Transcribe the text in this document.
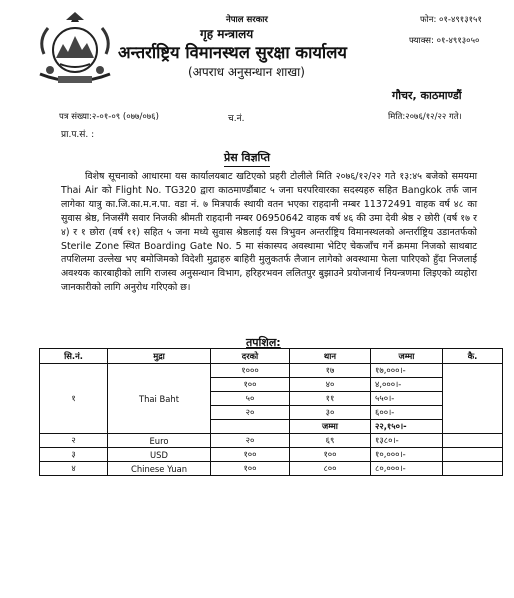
नेपाल सरकार
गृह मन्त्रालय
अन्तर्राष्ट्रिय विमानस्थल सुरक्षा कार्यालय
(अपराध अनुसन्धान शाखा)
फोन: ०१-४९१३१५१
फ्याक्स: ०१-४९१३०५०
गौचर, काठमाण्डौं
पत्र संख्या:२-०१-०९ (०७७/०७६)	च.नं.	मिति:२०७६/१२/२२ गते।
प्रा.प.सं. :
प्रेस विज्ञप्ति

विशेष सूचनाको आधारमा यस कार्यालयबाट खटिएको प्रहरी टोलीले मिति २०७६/१२/२२ गते १३:४५ बजेको समयमा Thai Air को Flight No. TG320 द्वारा काठमाण्डौंबाट ५ जना घरपरिवारका सदस्यहरु सहित Bangkok तर्फ जान लागेका यात्रु का.जि.का.म.न.पा. वडा नं. ७ मित्रपार्क स्थायी वतन भएका राहदानी नम्बर 11372491 वाहक वर्ष ४८ का सुवास श्रेष्ठ, निजसँगै सवार निजकी श्रीमती राहदानी नम्बर 06950642 वाहक वर्ष ४६ की उमा देवी श्रेष्ठ २ छोरी (वर्ष १७ र ४) र १ छोरा (वर्ष ११) सहित ५ जना मध्ये सुवास श्रेष्ठलाई यस त्रिभुवन अन्तर्राष्ट्रिय विमानस्थलको अन्तर्राष्ट्रिय उडानतर्फको Sterile Zone स्थित Boarding Gate No. 5 मा संकास्पद अवस्थामा भेटिए चेकजाँच गर्ने क्रममा निजको साथबाट तपशिलमा उल्लेख भए बमोजिमको विदेशी मुद्राहरु बाहिरी मुलुकतर्फ लैजान लागेको अवस्थामा फेला पारिएको हुँदा निजलाई अवश्यक कारबाहीको लागि राजस्व अनुसन्धान विभाग, हरिहरभवन ललितपुर बुझाउने प्रयोजनार्थ नियन्त्रणमा लिइएको व्यहोरा जानकारीको लागि अनुरोध गरिएको छ।

तपशिल:
सि.नं.	मुद्रा	दरको	थान	जम्मा	कै.
१	Thai Baht	१०००	१७	१७,०००।-	
		१००	४०	४,०००।-	
		५०	११	५५०।-	
		२०	३०	६००।-	
			जम्मा	२२,१५०।-	
२	Euro	२०	६९	१३८०।-	
३	USD	१००	१००	१०,०००।-	
४	Chinese Yuan	१००	८००	८०,०००।-	
